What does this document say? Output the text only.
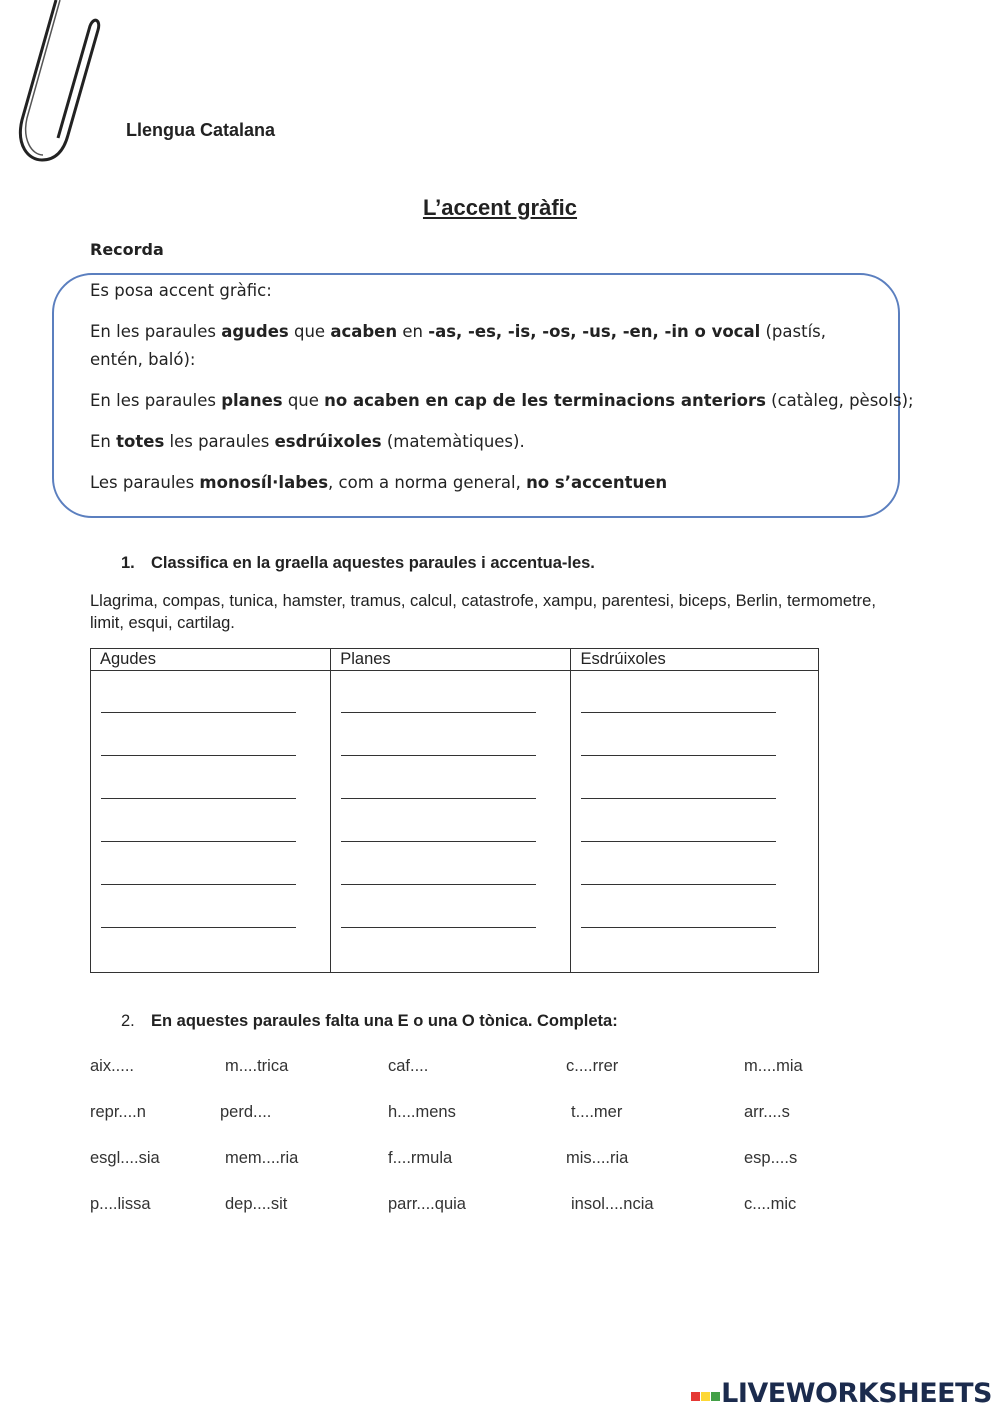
Llengua Catalana
L’accent gràfic
Recorda
Es posa accent gràfic:
En les paraules agudes que acaben en -as, -es, -is, -os, -us, -en, -in o vocal (pastís,
entén, baló):
En les paraules planes que no acaben en cap de les terminacions anteriors (catàleg, pèsols);
En totes les paraules esdrúixoles (matemàtiques).
Les paraules monosíl·labes, com a norma general, no s’accentuen
1. Classifica en la graella aquestes paraules i accentua-les.
Llagrima, compas, tunica, hamster, tramus, calcul, catastrofe, xampu, parentesi, biceps, Berlin, termometre, limit, esqui, cartilag.
Agudes	Planes	Esdrúixoles

2. En aquestes paraules falta una E o una O tònica. Completa:
aix.....	m....trica	caf....	c....rrer	m....mia
repr....n	perd....	h....mens	t....mer	arr....s
esgl....sia	mem....ria	f....rmula	mis....ria	esp....s
p....lissa	dep....sit	parr....quia	insol....ncia	c....mic
LIVEWORKSHEETS
